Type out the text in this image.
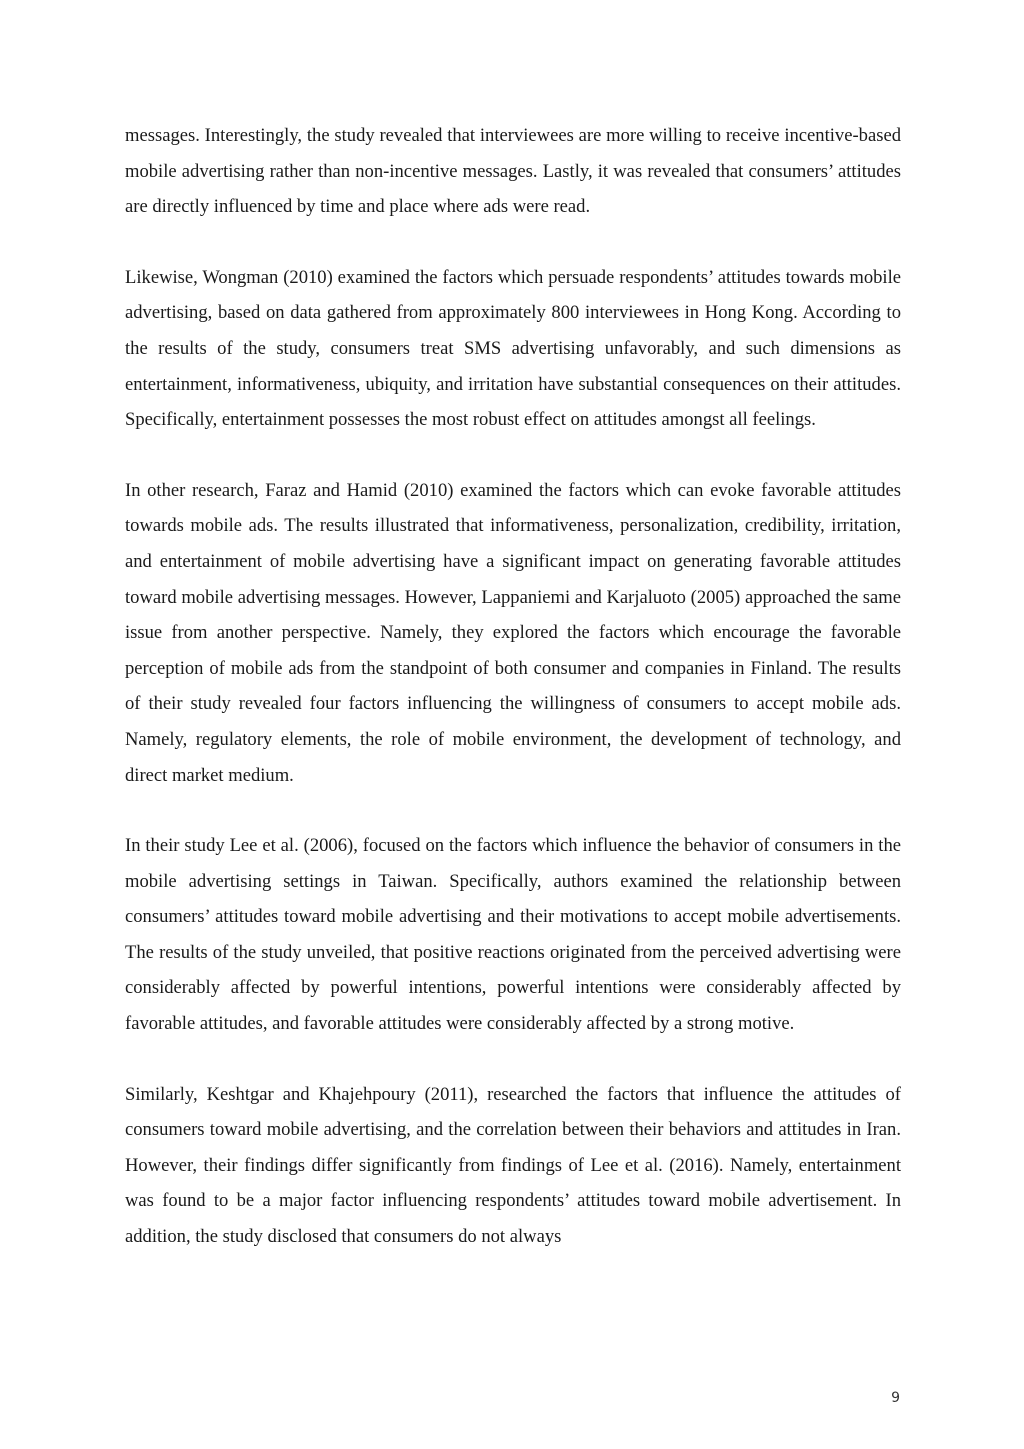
messages. Interestingly, the study revealed that interviewees are more willing to receive incentive-based mobile advertising rather than non-incentive messages. Lastly, it was revealed that consumers’ attitudes are directly influenced by time and place where ads were read.

Likewise, Wongman (2010) examined the factors which persuade respondents’ attitudes towards mobile advertising, based on data gathered from approximately 800 interviewees in Hong Kong. According to the results of the study, consumers treat SMS advertising unfavorably, and such dimensions as entertainment, informativeness, ubiquity, and irritation have substantial consequences on their attitudes. Specifically, entertainment possesses the most robust effect on attitudes amongst all feelings.

In other research, Faraz and Hamid (2010) examined the factors which can evoke favorable attitudes towards mobile ads. The results illustrated that informativeness, personalization, credibility, irritation, and entertainment of mobile advertising have a significant impact on generating favorable attitudes toward mobile advertising messages. However, Lappaniemi and Karjaluoto (2005) approached the same issue from another perspective. Namely, they explored the factors which encourage the favorable perception of mobile ads from the standpoint of both consumer and companies in Finland. The results of their study revealed four factors influencing the willingness of consumers to accept mobile ads. Namely, regulatory elements, the role of mobile environment, the development of technology, and direct market medium.

In their study Lee et al. (2006), focused on the factors which influence the behavior of consumers in the mobile advertising settings in Taiwan. Specifically, authors examined the relationship between consumers’ attitudes toward mobile advertising and their motivations to accept mobile advertisements. The results of the study unveiled, that positive reactions originated from the perceived advertising were considerably affected by powerful intentions, powerful intentions were considerably affected by favorable attitudes, and favorable attitudes were considerably affected by a strong motive.

Similarly, Keshtgar and Khajehpoury (2011), researched the factors that influence the attitudes of consumers toward mobile advertising, and the correlation between their behaviors and attitudes in Iran. However, their findings differ significantly from findings of Lee et al. (2016). Namely, entertainment was found to be a major factor influencing respondents’ attitudes toward mobile advertisement. In addition, the study disclosed that consumers do not always

9
